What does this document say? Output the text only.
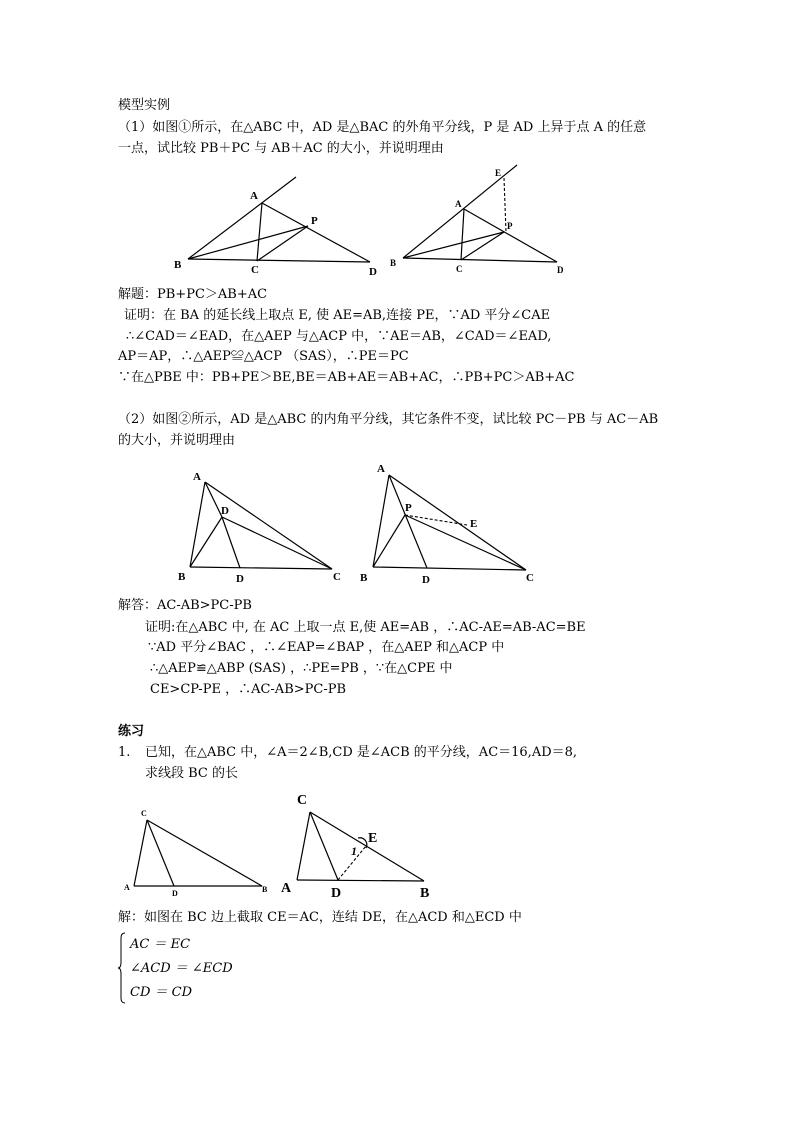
模型实例
（1）如图①所示，在△ABC 中，AD 是△BAC 的外角平分线，P 是 AD 上异于点 A 的任意
一点，试比较 PB＋PC 与 AB＋AC 的大小，并说明理由
A
P
B	C	D
E
A
P
B
C	D
解题：PB+PC＞AB+AC
证明：在 BA 的延长线上取点 E, 使 AE=AB,连接 PE，∵AD 平分∠CAE
∴∠CAD＝∠EAD，在△AEP 与△ACP 中，∵AE＝AB，∠CAD＝∠EAD,
AP＝AP，∴△AEP≌△ACP （SAS），∴PE＝PC
∵在△PBE 中：PB+PE＞BE,BE＝AB+AE＝AB+AC，∴PB+PC＞AB+AC
（2）如图②所示，AD 是△ABC 的内角平分线，其它条件不变，试比较 PC－PB 与 AC－AB
的大小，并说明理由
A
D
B	D	C
A
P
E
B	D	C
解答：AC-AB>PC-PB
证明:在△ABC 中, 在 AC 上取一点 E,使 AE=AB ，∴AC-AE=AB-AC=BE
∵AD 平分∠BAC ，∴∠EAP=∠BAP ，在△AEP 和△ACP 中
∴△AEP≌△ABP (SAS) ，∴PE=PB ，∵在△CPE 中
CE>CP-PE ，∴AC-AB>PC-PB
练习
1. 已知，在△ABC 中，∠A＝2∠B,CD 是∠ACB 的平分线，AC＝16,AD＝8,
求线段 BC 的长
C
A
D	B
C
E
1
A	D	B
解：如图在 BC 边上截取 CE＝AC，连结 DE，在△ACD 和△ECD 中
AC ＝ EC
∠ACD ＝ ∠ECD
CD ＝ CD
